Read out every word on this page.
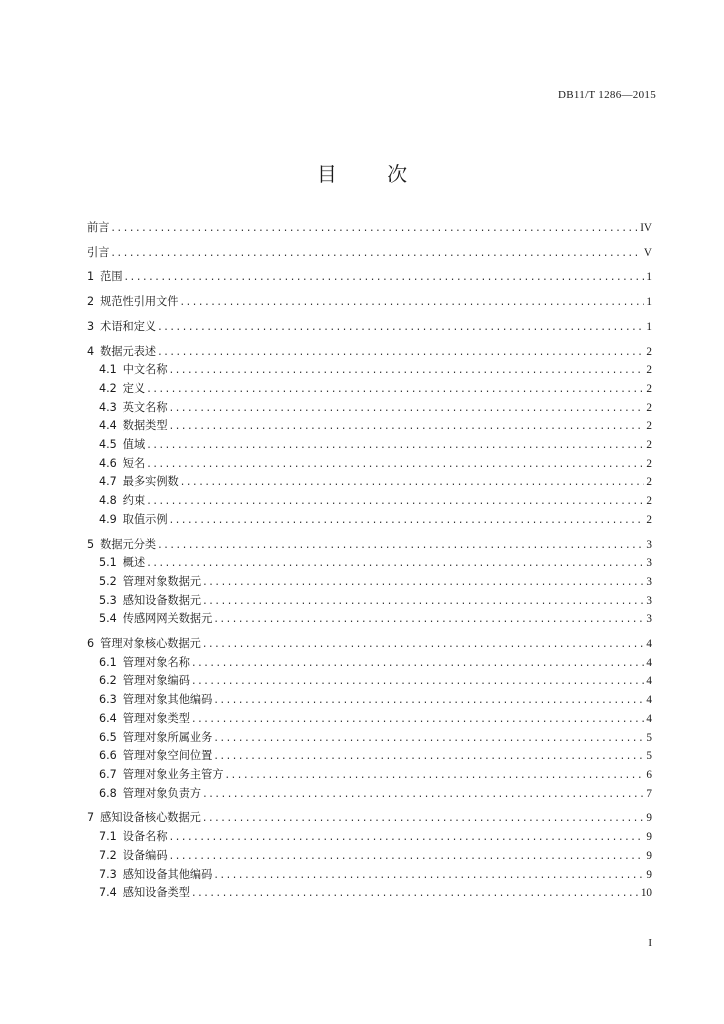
DB11/T 1286—2015
目 次
前言 .....	IV
引言 .....	V
1 范围 .....	1
2 规范性引用文件 .....	1
3 术语和定义 .....	1
4 数据元表述 .....	2
4.1 中文名称 .....	2
4.2 定义 .....	2
4.3 英文名称 .....	2
4.4 数据类型 .....	2
4.5 值域 .....	2
4.6 短名 .....	2
4.7 最多实例数 .....	2
4.8 约束 .....	2
4.9 取值示例 .....	2
5 数据元分类 .....	3
5.1 概述 .....	3
5.2 管理对象数据元 .....	3
5.3 感知设备数据元 .....	3
5.4 传感网网关数据元 .....	3
6 管理对象核心数据元 .....	4
6.1 管理对象名称 .....	4
6.2 管理对象编码 .....	4
6.3 管理对象其他编码 .....	4
6.4 管理对象类型 .....	4
6.5 管理对象所属业务 .....	5
6.6 管理对象空间位置 .....	5
6.7 管理对象业务主管方 .....	6
6.8 管理对象负责方 .....	7
7 感知设备核心数据元 .....	9
7.1 设备名称 .....	9
7.2 设备编码 .....	9
7.3 感知设备其他编码 .....	9
7.4 感知设备类型 .....	10
I
